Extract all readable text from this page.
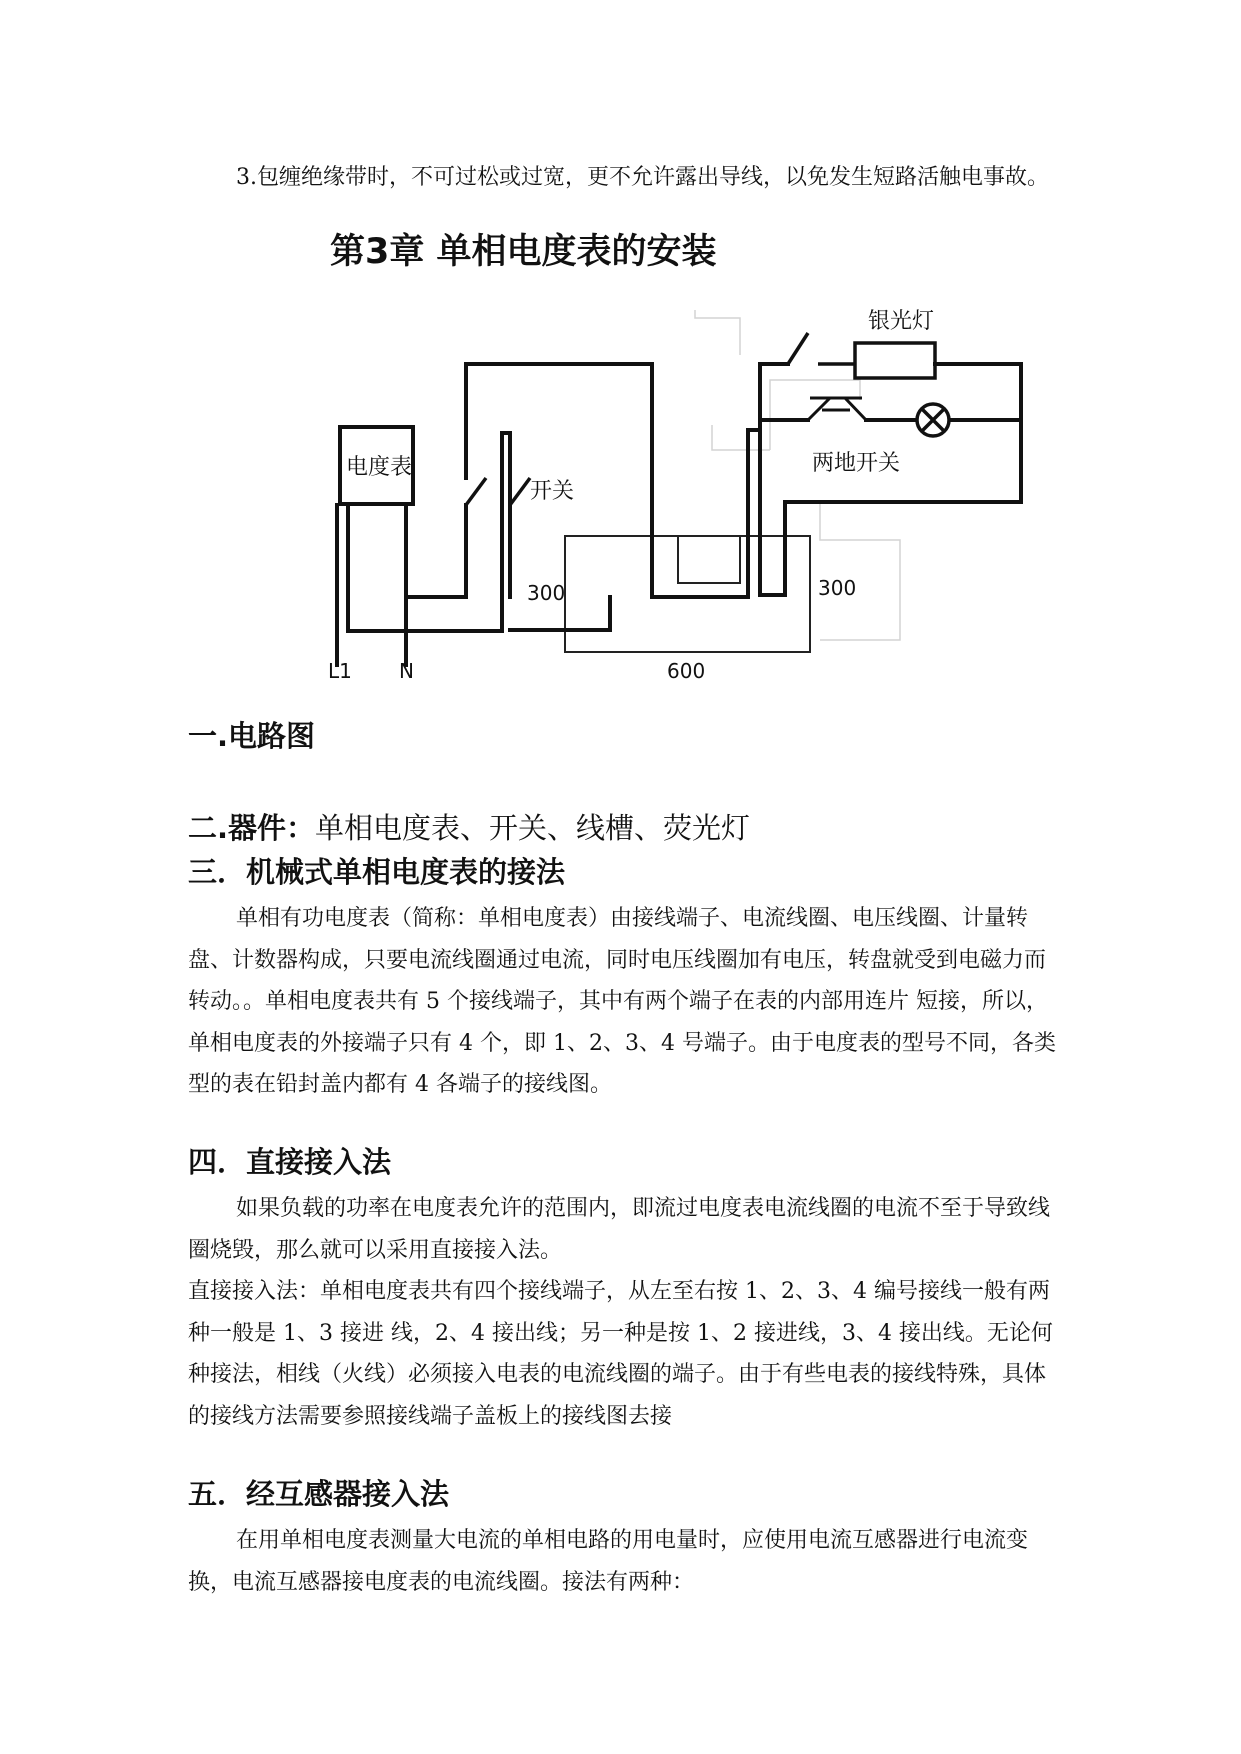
3.包缠绝缘带时，不可过松或过宽，更不允许露出导线，以免发生短路活触电事故。

第3章 单相电度表的安装
电度表
开关
银光灯
两地开关
300	300
600
L1 N
一.电路图
二.器件：单相电度表、开关、线槽、荧光灯
三．机械式单相电度表的接法

单相有功电度表（简称：单相电度表）由接线端子、电流线圈、电压线圈、计量转盘、计数器构成，只要电流线圈通过电流，同时电压线圈加有电压，转盘就受到电磁力而转动。。单相电度表共有 5 个接线端子，其中有两个端子在表的内部用连片 短接，所以，单相电度表的外接端子只有 4 个，即 1、2、3、4 号端子。由于电度表的型号不同，各类型的表在铅封盖内都有 4 各端子的接线图。

四．直接接入法

如果负载的功率在电度表允许的范围内，即流过电度表电流线圈的电流不至于导致线圈烧毁，那么就可以采用直接接入法。

直接接入法：单相电度表共有四个接线端子，从左至右按 1、2、3、4 编号接线一般有两种一般是 1、3 接进 线，2、4 接出线；另一种是按 1、2 接进线，3、4 接出线。无论何种接法，相线（火线）必须接入电表的电流线圈的端子。由于有些电表的接线特殊，具体的接线方法需要参照接线端子盖板上的接线图去接

五．经互感器接入法

在用单相电度表测量大电流的单相电路的用电量时，应使用电流互感器进行电流变换，电流互感器接电度表的电流线圈。接法有两种：
